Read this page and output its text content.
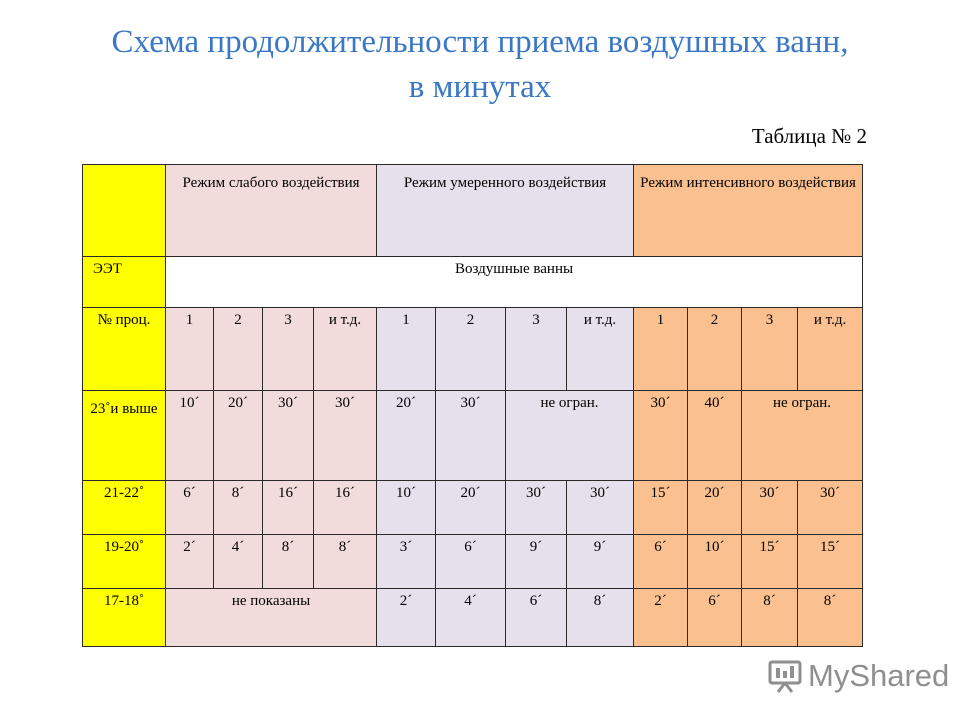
Схема продолжительности приема воздушных ванн,
в минутах
Таблица № 2
	Режим слабого воздействия				Режим умеренного воздействия				Режим интенсивного воздействия			
ЭЭТ	Воздушные ванны											
№ проц.	1	2	3	и т.д.	1	2	3	и т.д.	1	2	3	и т.д.
23˚и выше	10´	20´	30´	30´	20´	30´	не огран.		30´	40´	не огран.	
21-22˚	6´	8´	16´	16´	10´	20´	30´	30´	15´	20´	30´	30´
19-20˚	2´	4´	8´	8´	3´	6´	9´	9´	6´	10´	15´	15´
17-18˚	не показаны				2´	4´	6´	8´	2´	6´	8´	8´
MyShared
